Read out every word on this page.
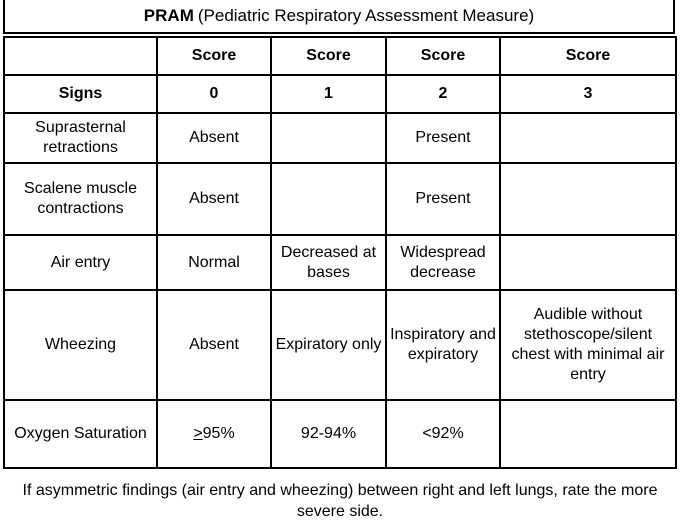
PRAM (Pediatric Respiratory Assessment Measure)
	Score	Score	Score	Score
Signs	0	1	2	3
Suprasternal retractions	Absent		Present	
Scalene muscle contractions	Absent		Present	
Air entry	Normal	Decreased at bases	Widespread decrease	
Wheezing	Absent	Expiratory only	Inspiratory and expiratory	Audible without stethoscope/silent chest with minimal air entry
Oxygen Saturation	≥95%	92-94%	<92%	
If asymmetric findings (air entry and wheezing) between right and left lungs, rate the more severe side.
